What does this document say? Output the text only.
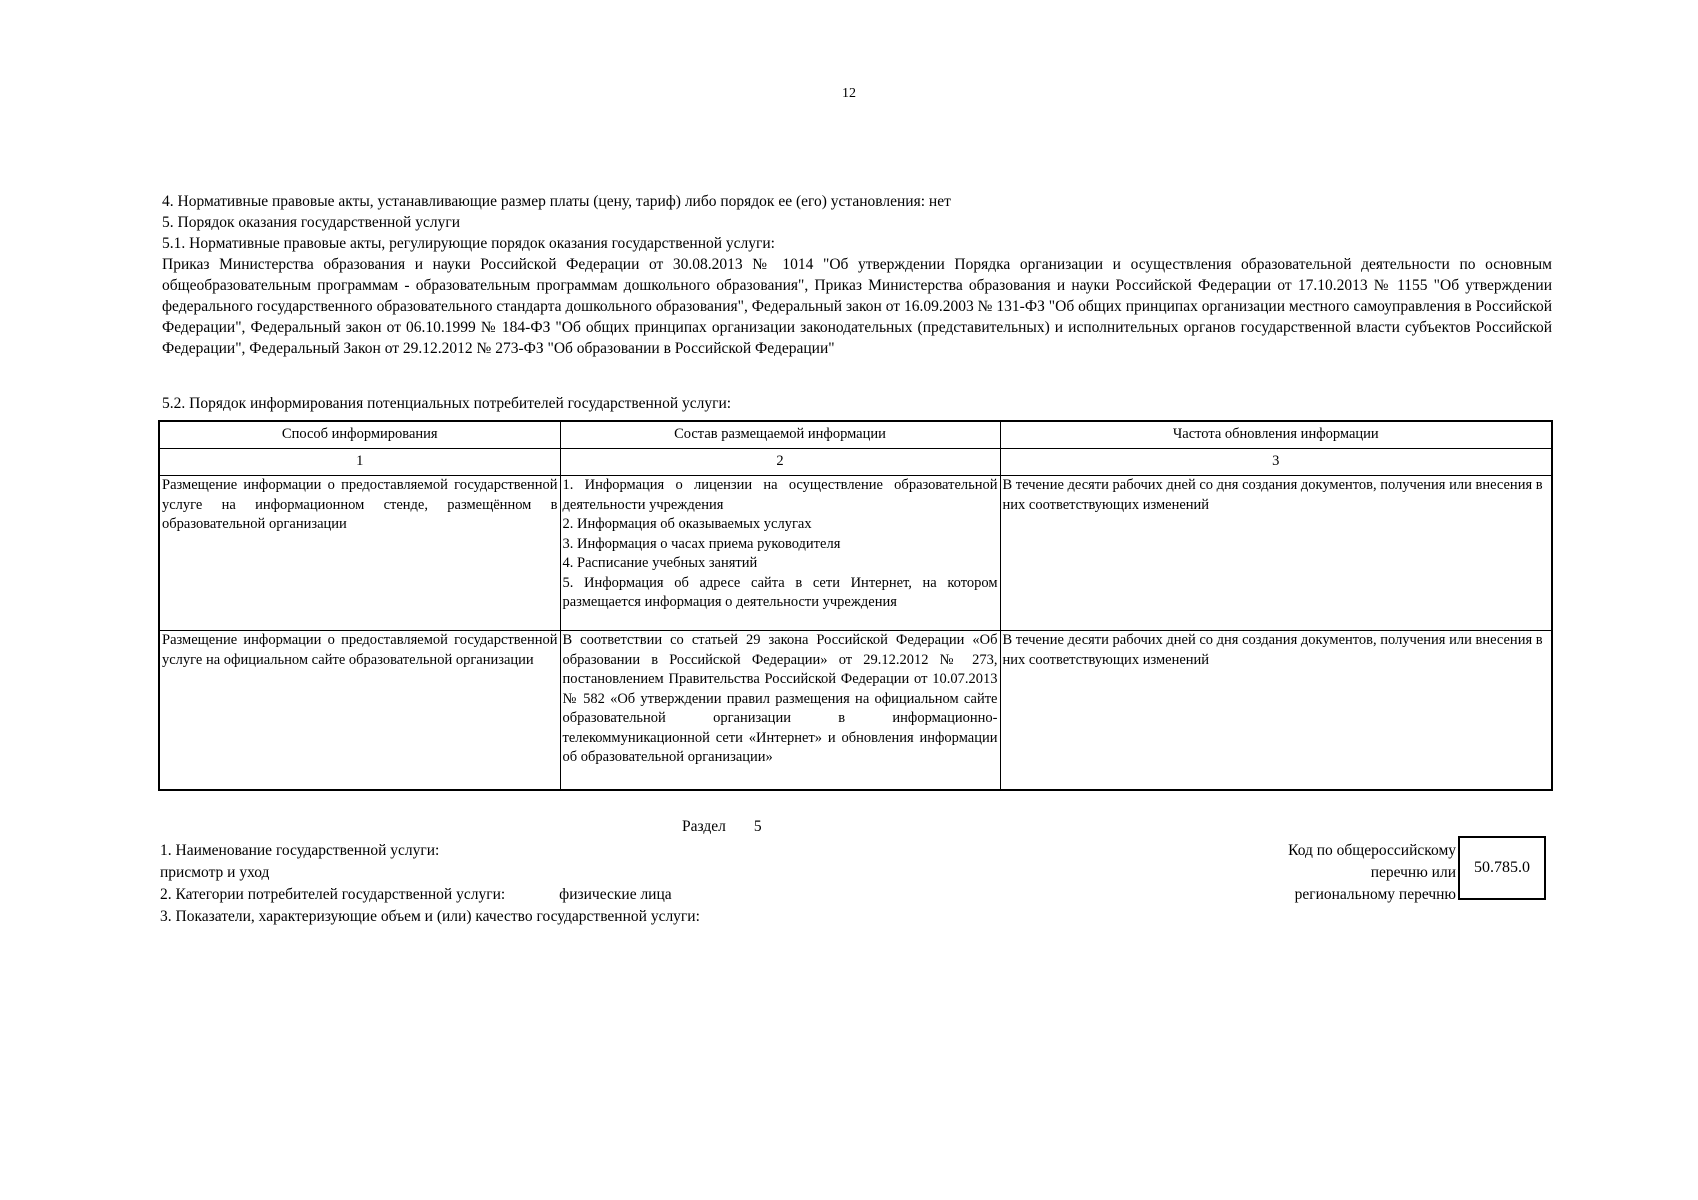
12

4. Нормативные правовые акты, устанавливающие размер платы (цену, тариф) либо порядок ее (его) установления: нет

5. Порядок оказания государственной услуги

5.1. Нормативные правовые акты, регулирующие порядок оказания государственной услуги:

Приказ Министерства образования и науки Российской Федерации от 30.08.2013 № 1014 "Об утверждении Порядка организации и осуществления образовательной деятельности по основным общеобразовательным программам - образовательным программам дошкольного образования", Приказ Министерства образования и науки Российской Федерации от 17.10.2013 № 1155 "Об утверждении федерального государственного образовательного стандарта дошкольного образования", Федеральный закон от 16.09.2003 № 131-ФЗ "Об общих принципах организации местного самоуправления в Российской Федерации", Федеральный закон от 06.10.1999 № 184-ФЗ "Об общих принципах организации законодательных (представительных) и исполнительных органов государственной власти субъектов Российской Федерации", Федеральный Закон от 29.12.2012 № 273-ФЗ "Об образовании в Российской Федерации"

5.2. Порядок информирования потенциальных потребителей государственной услуги:
Способ информирования	Состав размещаемой информации	Частота обновления информации
1	2	3
Размещение информации о предоставляемой государственной услуге на информационном стенде, размещённом в образовательной организации	1. Информация о лицензии на осуществление образовательной деятельности учреждения
2. Информация об оказываемых услугах
3. Информация о часах приема руководителя
4. Расписание учебных занятий
5. Информация об адресе сайта в сети Интернет, на котором размещается информация о деятельности учреждения	В течение десяти рабочих дней со дня создания документов, получения или внесения в них соответствующих изменений
Размещение информации о предоставляемой государственной услуге на официальном сайте образовательной организации	В соответствии со статьей 29 закона Российской Федерации «Об образовании в Российской Федерации» от 29.12.2012 № 273, постановлением Правительства Российской Федерации от 10.07.2013 № 582 «Об утверждении правил размещения на официальном сайте образовательной организации в информационно-телекоммуникационной сети «Интернет» и обновления информации об образовательной организации»	В течение десяти рабочих дней со дня создания документов, получения или внесения в них соответствующих изменений
Раздел 5

1. Наименование государственной услуги:

присмотр и уход

2. Категории потребителей государственной услуги:	физические лица

3. Показатели, характеризующие объем и (или) качество государственной услуги:

Код по общероссийскому
перечню или
региональному перечню
50.785.0
